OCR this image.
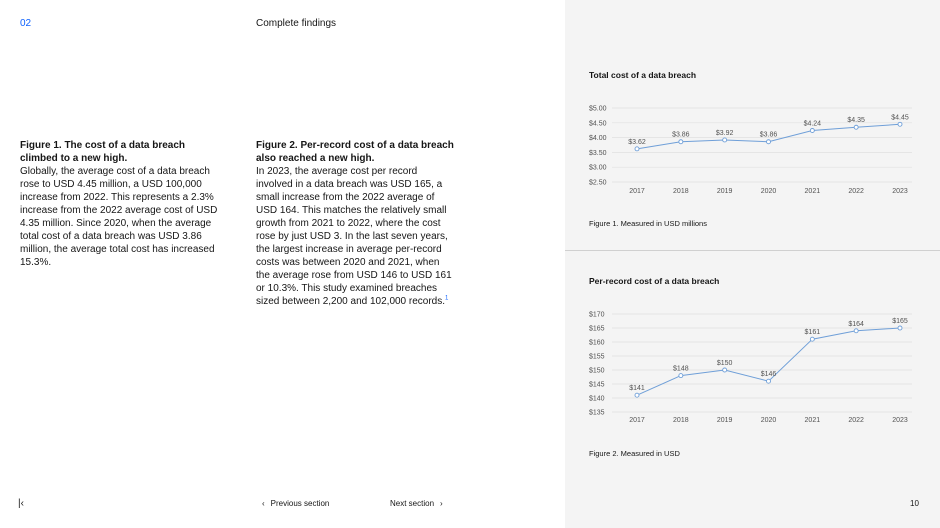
02	Complete findings
Figure 1. The cost of a data breach climbed to a new high.
Globally, the average cost of a data breach rose to USD 4.45 million, a USD 100,000 increase from 2022. This represents a 2.3% increase from the 2022 average cost of USD 4.35 million. Since 2020, when the average total cost of a data breach was USD 3.86 million, the average total cost has increased 15.3%.
Figure 2. Per-record cost of a data breach also reached a new high.
In 2023, the average cost per record involved in a data breach was USD 165, a small increase from the 2022 average of USD 164. This matches the relatively small growth from 2021 to 2022, where the cost rose by just USD 3. In the last seven years, the largest increase in average per-record costs was between 2020 and 2021, when the average rose from USD 146 to USD 161 or 10.3%. This study examined breaches sized between 2,200 and 102,000 records.$^1$
Total cost of a data breach
$2.50
$3.00
$3.50
$4.00
$4.50
$5.00
2017	2018	2019	2020	2021	2022	2023
$3.62
$3.86	$3.92	$3.86
$4.24	$4.35	$4.45
Figure 1. Measured in USD millions
Per-record cost of a data breach
$135
$140
$145
$150
$155
$160
$165
$170
2017	2018	2019	2020	2021	2022	2023
$141
$148
$150
$146
$161
$164	$165
Figure 2. Measured in USD
|‹	‹ Previous section	Next section ›	10
